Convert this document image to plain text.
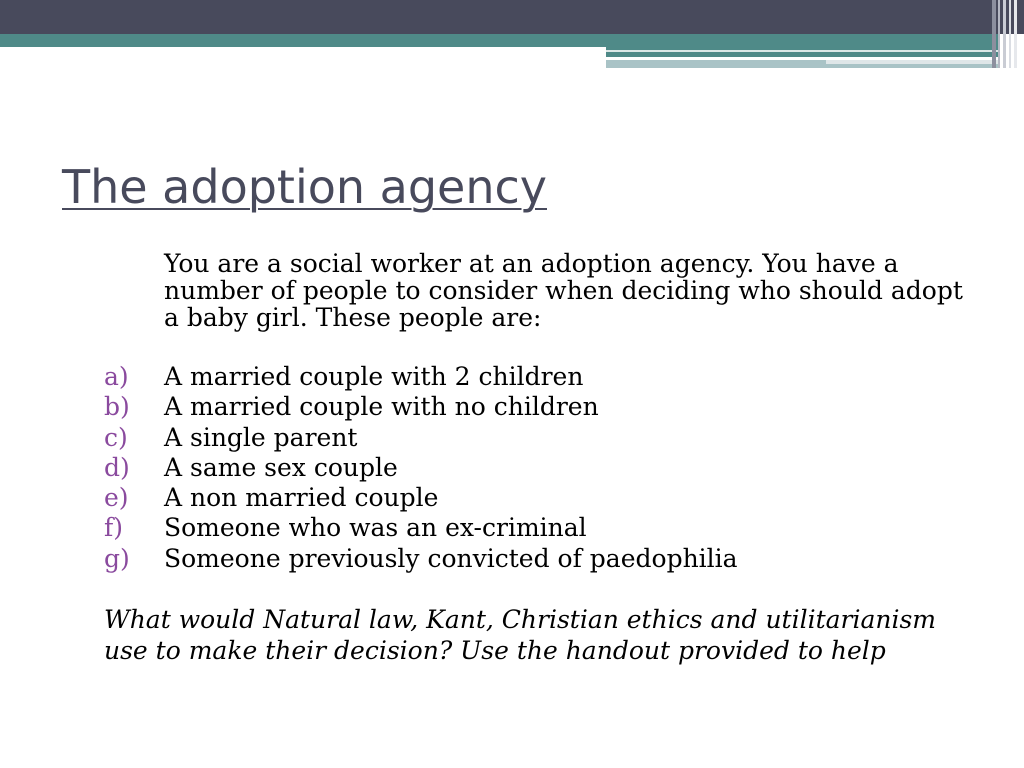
The adoption agency

You are a social worker at an adoption agency. You have a number of people to consider when deciding who should adopt a baby girl. These people are:

a)	A married couple with 2 children
b)	A married couple with no children
c)	A single parent
d)	A same sex couple
e)	A non married couple
f)	Someone who was an ex-criminal
g)	Someone previously convicted of paedophilia

What would Natural law, Kant, Christian ethics and utilitarianism use to make their decision? Use the handout provided to help
